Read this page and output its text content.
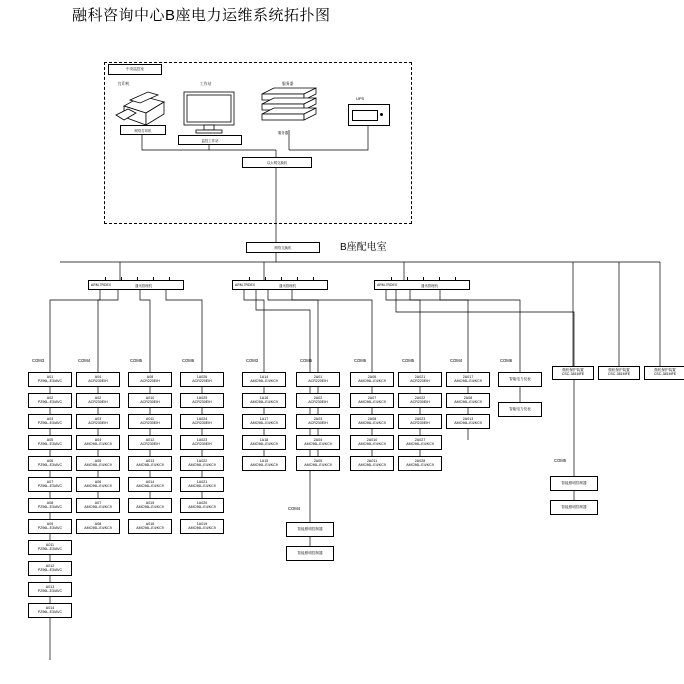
融科咨询中心B座电力运维系统拓扑图
中央监控室
B座配电室
打印机
网络打印机
工作站
监控工作站
服务器
服务器
UPS
以太网交换机
网络交换机
ARM-7RDEX	通讯管理机	ARM-7RDEX	通讯管理机	ARM-7RDEX	通讯管理机
COM3	COM4	COM5	COM6	COM3	COM5	COM6	COM5	COM4	COM6
COM4
COM5
A01
PZ96L-E3/AVC
A02
PZ96L-E3/AVC
A03
PZ96L-E3/AVC
A05
PZ96L-E3/AVC
A06
PZ96L-E3/AVC
A07
PZ96L-E3/AVC
A08
PZ96L-E3/AVC
A09
PZ96L-E3/AVC
A011
PZ96L-E3/AVC
A012
PZ96L-E3/AVC
A013
PZ96L-E3/AVC
A014
PZ96L-E3/AVC
A04
ACR230EIH
A02
ACR230EIH
A03
ACR230EIH
A04
AMC96L-E4/KC9
A05
AMC96L-E4/KC9
A06
AMC96L-E4/KC9
A07
AMC96L-E4/KC9
A08
AMC96L-E4/KC9
A08
ACR220EIH
A010
ACR230EIH
A011
ACR230EIH
A012
ACR230EIH
A013
AMC96L-E4/KC9
A014
AMC96L-E4/KC9
A015
AMC96L-E4/KC9
A016
AMC96L-E4/KC9
1A026
ACR220EIH
1A025
ACR230EIH
1A024
ACR230EIH
1A023
ACR230EIH
1A022
AMC96L-E4/KC9
1A021
AMC96L-E4/KC9
1A020
AMC96L-E4/KC9
1A019
AMC96L-E4/KC9
1A14
AMC96L-E4/KC9
1A16
AMC96L-E4/KC9
1A17
AMC96L-E4/KC9
1A18
AMC96L-E4/KC9
1A15
AMC96L-E4/KC9
2A01
ACR220EIH
2A02
ACR230EIH
2A03
ACR230EIH
2A04
AMC96L-E4/KC9
2A05
AMC96L-E4/KC9
2A06
AMC96L-E4/KC9
2A07
AMC96L-E4/KC9
2A08
AMC96L-E4/KC9
2A010
AMC96L-E4/KC9
2A011
AMC96L-E4/KC9
2A021
ACR220EIH
2A022
ACR230EIH
2A023
ACR230EIH
2A027
AMC96L-E4/KC9
2A028
AMC96L-E4/KC9
2A017
AMC96L-E4/KC9
2A08
AMC96L-E4/KC9
2A013
AMC96L-E4/KC9
智能电力仪表
智能电力仪表
智能照明控制器
智能照明控制器
智能照明控制器
智能照明控制器
微机保护装置
CSC-381MFE
微机保护装置
CSC-381MFE
微机保护装置
CSC-381MFE
